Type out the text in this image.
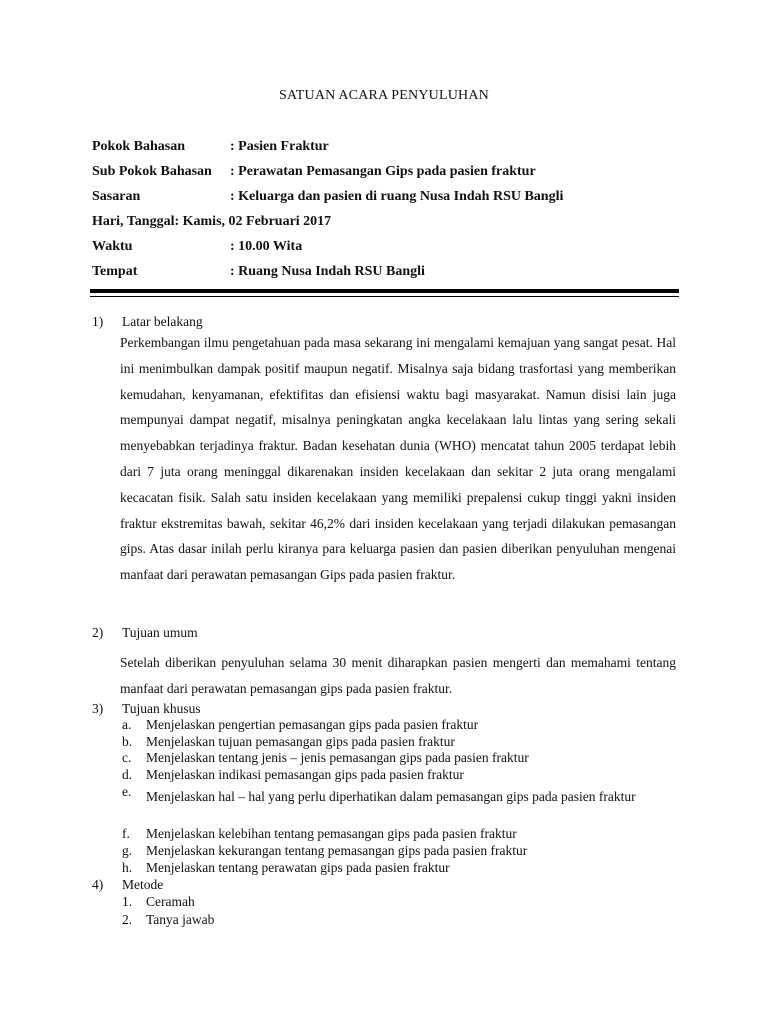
SATUAN ACARA PENYULUHAN
Pokok Bahasan	: Pasien Fraktur
Sub Pokok Bahasan : Perawatan Pemasangan Gips pada pasien fraktur
Sasaran	: Keluarga dan pasien di ruang Nusa Indah RSU Bangli
Hari, Tanggal: Kamis, 02 Februari 2017
Waktu	: 10.00 Wita
Tempat	: Ruang Nusa Indah RSU Bangli
1) Latar belakang
Perkembangan ilmu pengetahuan pada masa sekarang ini mengalami kemajuan yang sangat pesat. Hal ini menimbulkan dampak positif maupun negatif. Misalnya saja bidang trasfortasi yang memberikan kemudahan, kenyamanan, efektifitas dan efisiensi waktu bagi masyarakat. Namun disisi lain juga mempunyai dampat negatif, misalnya peningkatan angka kecelakaan lalu lintas yang sering sekali menyebabkan terjadinya fraktur. Badan kesehatan dunia (WHO) mencatat tahun 2005 terdapat lebih dari 7 juta orang meninggal dikarenakan insiden kecelakaan dan sekitar 2 juta orang mengalami kecacatan fisik. Salah satu insiden kecelakaan yang memiliki prepalensi cukup tinggi yakni insiden fraktur ekstremitas bawah, sekitar 46,2% dari insiden kecelakaan yang terjadi dilakukan pemasangan gips. Atas dasar inilah perlu kiranya para keluarga pasien dan pasien diberikan penyuluhan mengenai manfaat dari perawatan pemasangan Gips pada pasien fraktur.
2) Tujuan umum
Setelah diberikan penyuluhan selama 30 menit diharapkan pasien mengerti dan memahami tentang manfaat dari perawatan pemasangan gips pada pasien fraktur.
3) Tujuan khusus
a. Menjelaskan pengertian pemasangan gips pada pasien fraktur
b. Menjelaskan tujuan pemasangan gips pada pasien fraktur
c. Menjelaskan tentang jenis – jenis pemasangan gips pada pasien fraktur
d. Menjelaskan indikasi pemasangan gips pada pasien fraktur
e. Menjelaskan hal – hal yang perlu diperhatikan dalam pemasangan gips pada pasien fraktur
f. Menjelaskan kelebihan tentang pemasangan gips pada pasien fraktur
g. Menjelaskan kekurangan tentang pemasangan gips pada pasien fraktur
h. Menjelaskan tentang perawatan gips pada pasien fraktur
4) Metode
1. Ceramah
2. Tanya jawab
